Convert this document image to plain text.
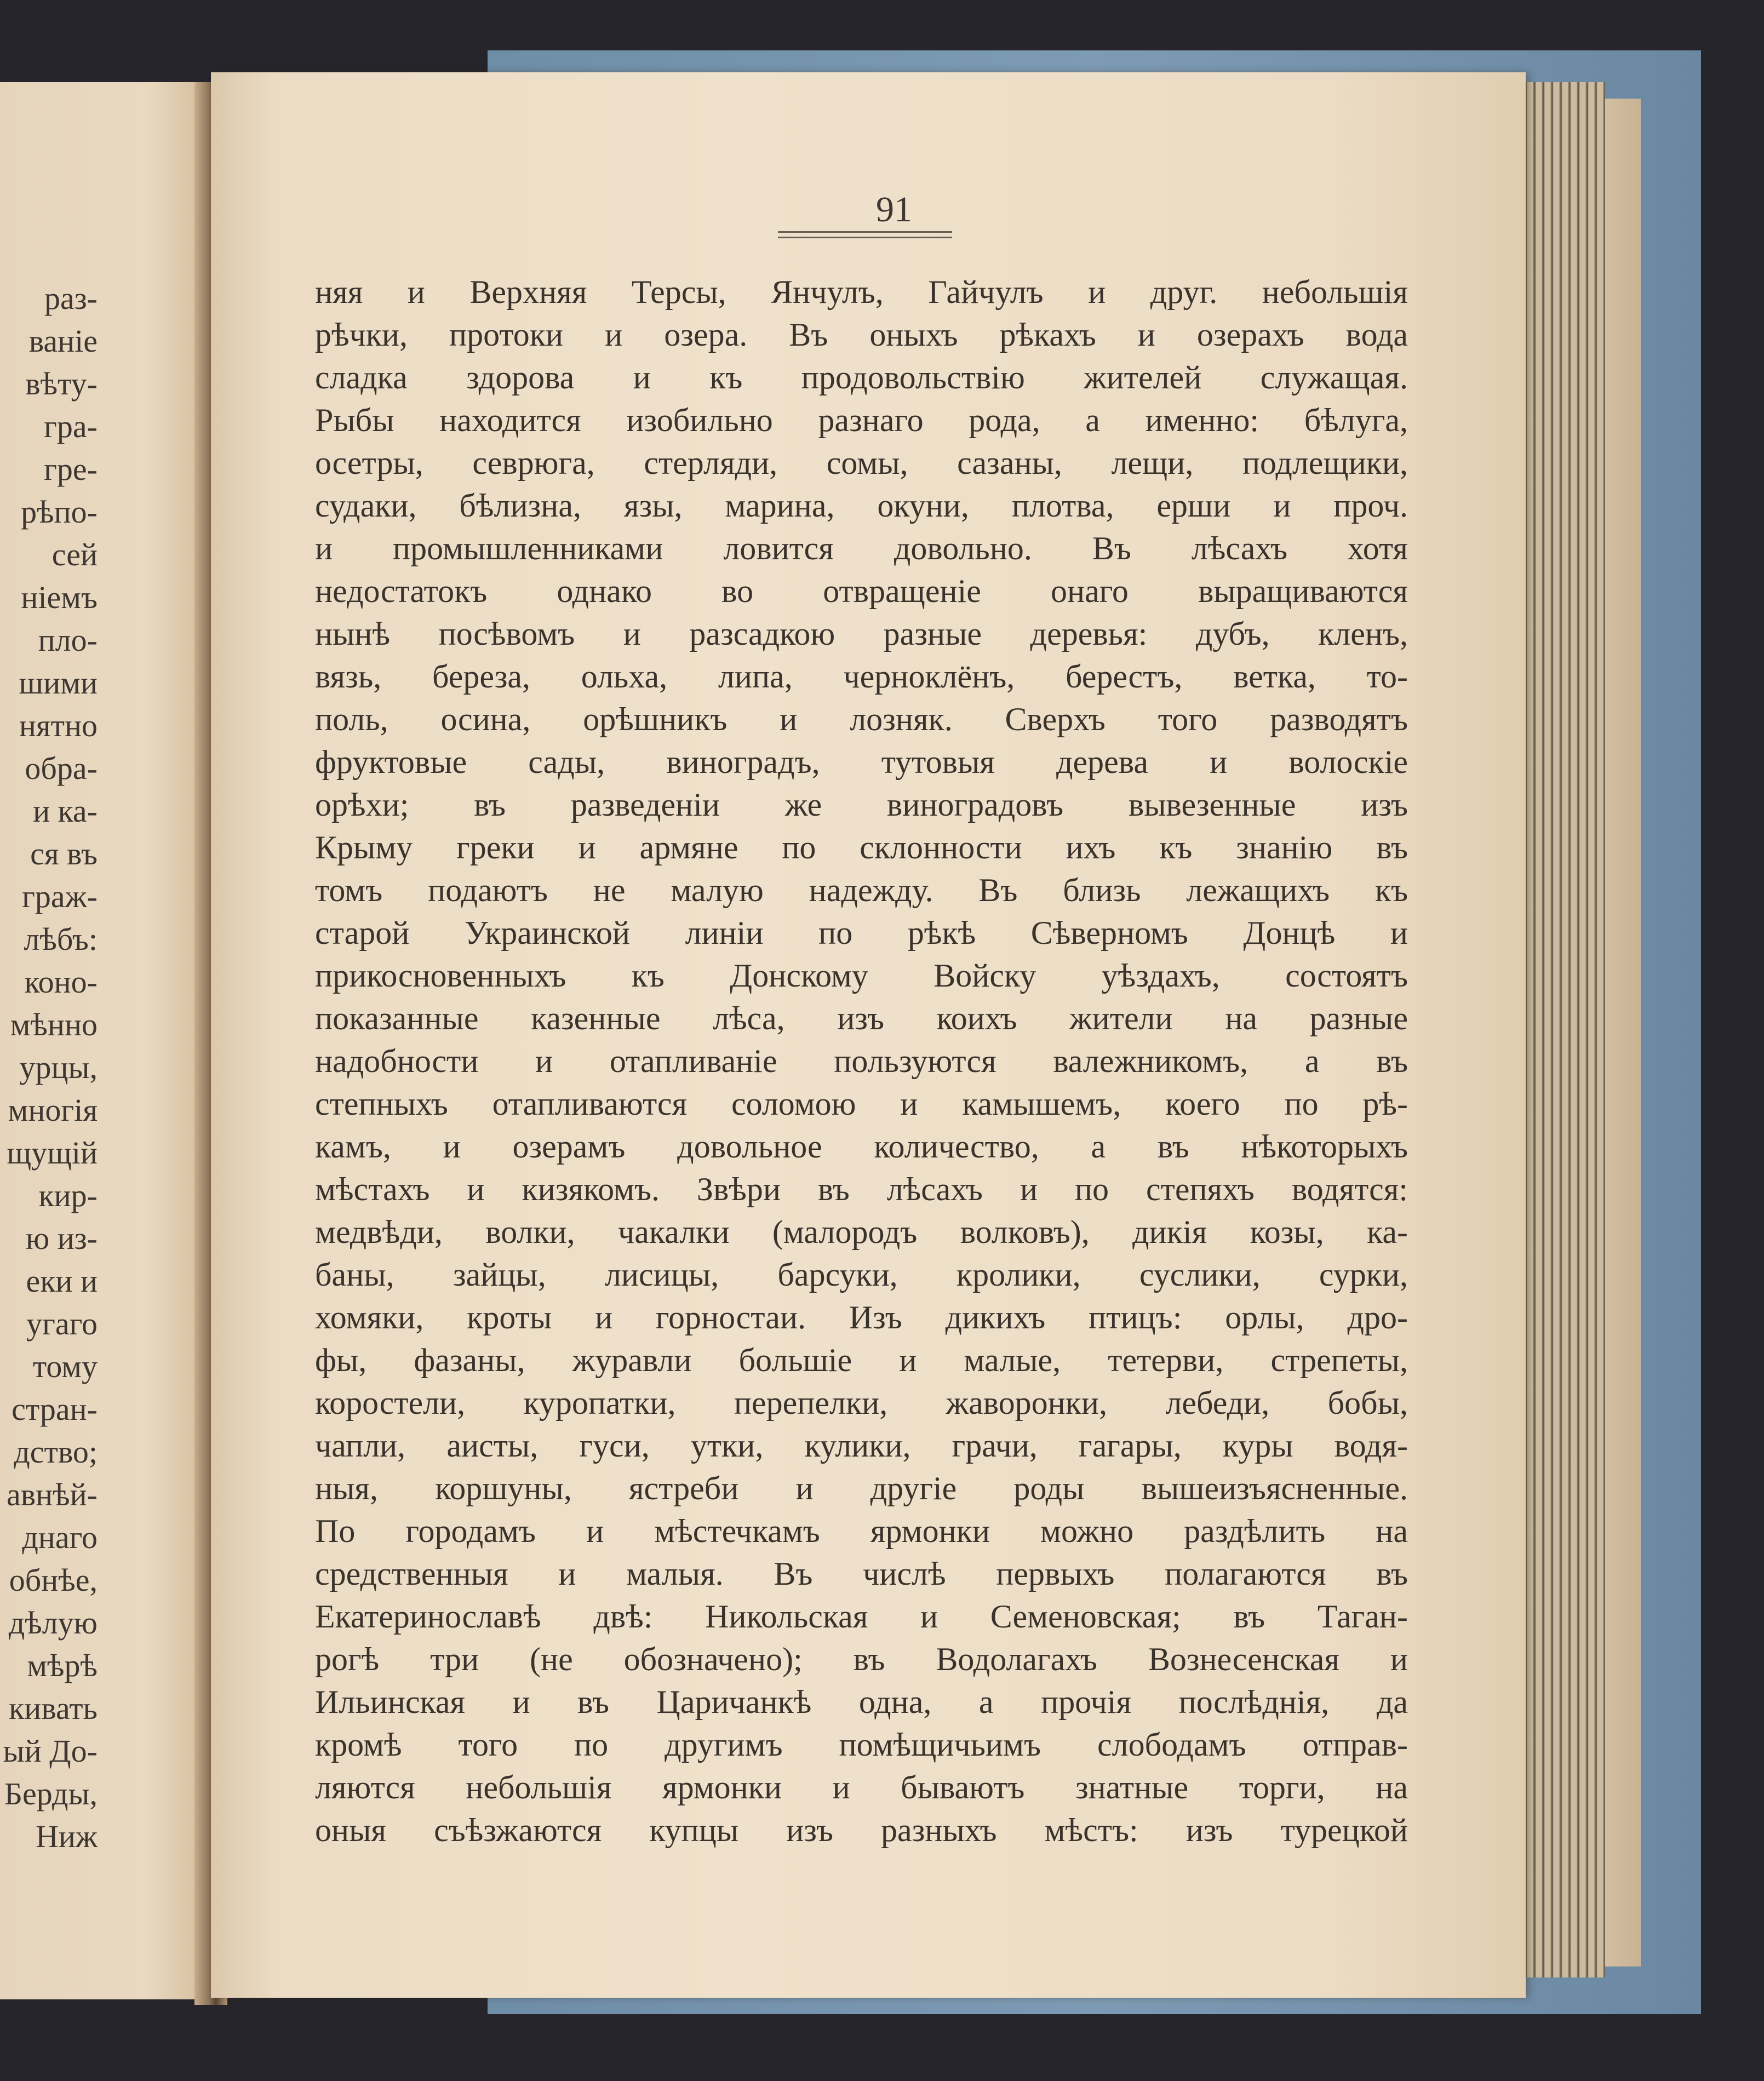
раз-
ваніе
вѣту-
гра-
гре-
рѣпо-
сей
ніемъ
пло-
шими
нятно
обра-
и ка-
ся въ
граж-
лѣбъ:
коно-
мѣнно
урцы,
многія
щущій
кир-
ю из-
еки и
угаго
тому
стран-
дство;
авнѣй-
днаго
обнѣе,
дѣлую
мѣрѣ
кивать
ый До-
Берды,
Ниж
91
няя и Верхняя Терсы, Янчулъ, Гайчулъ и друг. небольшія
рѣчки, протоки и озера. Въ оныхъ рѣкахъ и озерахъ вода
сладка здорова и къ продовольствію жителей служащая.
Рыбы находится изобильно разнаго рода, а именно: бѣлуга,
осетры, севрюга, стерляди, сомы, сазаны, лещи, подлещики,
судаки, бѣлизна, язы, марина, окуни, плотва, ерши и проч.
и промышленниками ловится довольно. Въ лѣсахъ хотя
недостатокъ однако во отвращеніе онаго выращиваются
нынѣ посѣвомъ и разсадкою разные деревья: дубъ, кленъ,
вязь, береза, ольха, липа, черноклёнъ, берестъ, ветка, то-
поль, осина, орѣшникъ и лозняк. Сверхъ того разводятъ
фруктовые сады, виноградъ, тутовыя дерева и волоскіе
орѣхи; въ разведеніи же виноградовъ вывезенные изъ
Крыму греки и армяне по склонности ихъ къ знанію въ
томъ подаютъ не малую надежду. Въ близь лежащихъ къ
старой Украинской линіи по рѣкѣ Сѣверномъ Донцѣ и
прикосновенныхъ къ Донскому Войску уѣздахъ, состоятъ
показанные казенные лѣса, изъ коихъ жители на разные
надобности и отапливаніе пользуются валежникомъ, а въ
степныхъ отапливаются соломою и камышемъ, коего по рѣ-
камъ, и озерамъ довольное количество, а въ нѣкоторыхъ
мѣстахъ и кизякомъ. Звѣри въ лѣсахъ и по степяхъ водятся:
медвѣди, волки, чакалки (малородъ волковъ), дикія козы, ка-
баны, зайцы, лисицы, барсуки, кролики, суслики, сурки,
хомяки, кроты и горностаи. Изъ дикихъ птицъ: орлы, дро-
фы, фазаны, журавли большіе и малые, тетерви, стрепеты,
коростели, куропатки, перепелки, жаворонки, лебеди, бобы,
чапли, аисты, гуси, утки, кулики, грачи, гагары, куры водя-
ныя, коршуны, ястреби и другіе роды вышеизъясненные.
По городамъ и мѣстечкамъ ярмонки можно раздѣлить на
средственныя и малыя. Въ числѣ первыхъ полагаются въ
Екатеринославѣ двѣ: Никольская и Семеновская; въ Таган-
рогѣ три (не обозначено); въ Водолагахъ Вознесенская и
Ильинская и въ Царичанкѣ одна, а прочія послѣднія, да
кромѣ того по другимъ помѣщичьимъ слободамъ отправ-
ляются небольшія ярмонки и бываютъ знатные торги, на
оныя съѣзжаются купцы изъ разныхъ мѣстъ: изъ турецкой
